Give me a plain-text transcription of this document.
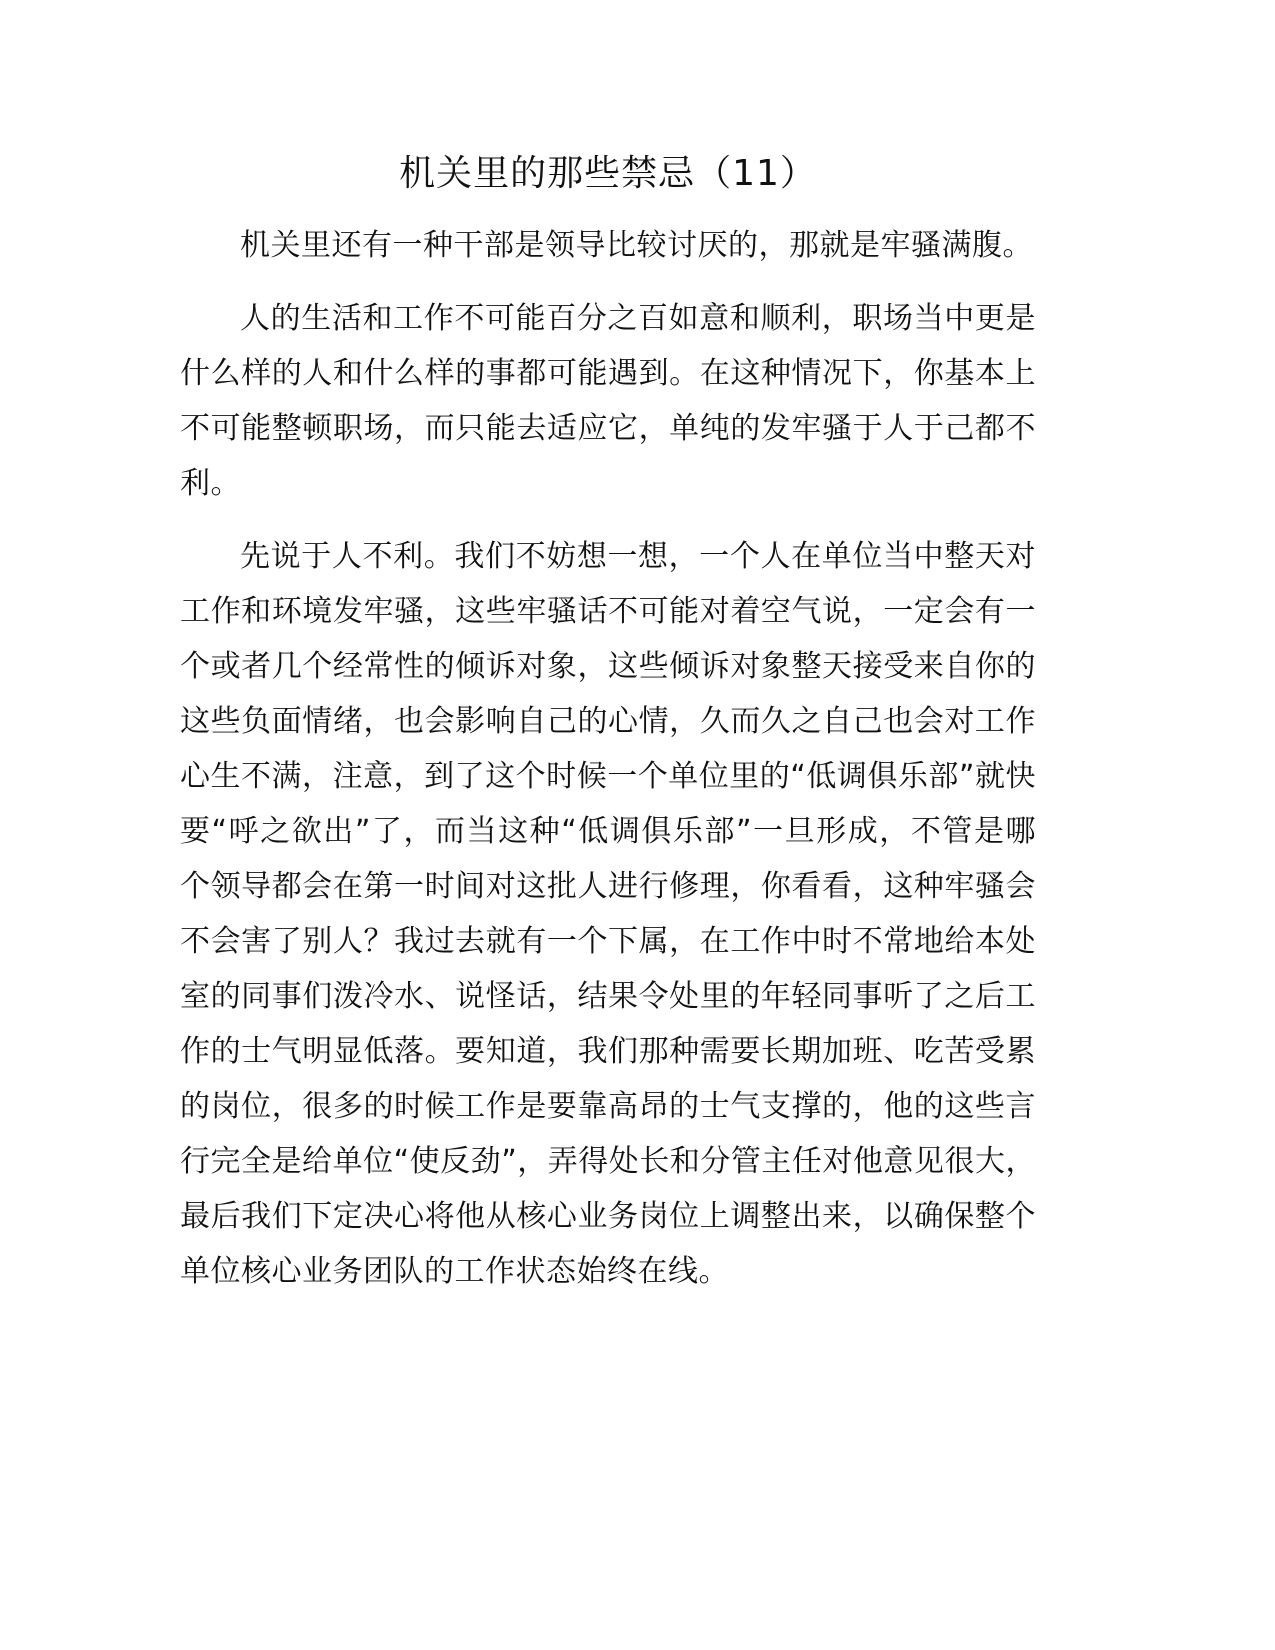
机关里的那些禁忌（11）

机关里还有一种干部是领导比较讨厌的，那就是牢骚满腹。

人的生活和工作不可能百分之百如意和顺利，职场当中更是什么样的人和什么样的事都可能遇到。在这种情况下，你基本上不可能整顿职场，而只能去适应它，单纯的发牢骚于人于己都不利。

先说于人不利。我们不妨想一想，一个人在单位当中整天对工作和环境发牢骚，这些牢骚话不可能对着空气说，一定会有一个或者几个经常性的倾诉对象，这些倾诉对象整天接受来自你的这些负面情绪，也会影响自己的心情，久而久之自己也会对工作心生不满，注意，到了这个时候一个单位里的“低调俱乐部”就快要“呼之欲出”了，而当这种“低调俱乐部”一旦形成，不管是哪个领导都会在第一时间对这批人进行修理，你看看，这种牢骚会不会害了别人？我过去就有一个下属，在工作中时不常地给本处室的同事们泼冷水、说怪话，结果令处里的年轻同事听了之后工作的士气明显低落。要知道，我们那种需要长期加班、吃苦受累的岗位，很多的时候工作是要靠高昂的士气支撑的，他的这些言行完全是给单位“使反劲”，弄得处长和分管主任对他意见很大，最后我们下定决心将他从核心业务岗位上调整出来，以确保整个单位核心业务团队的工作状态始终在线。
